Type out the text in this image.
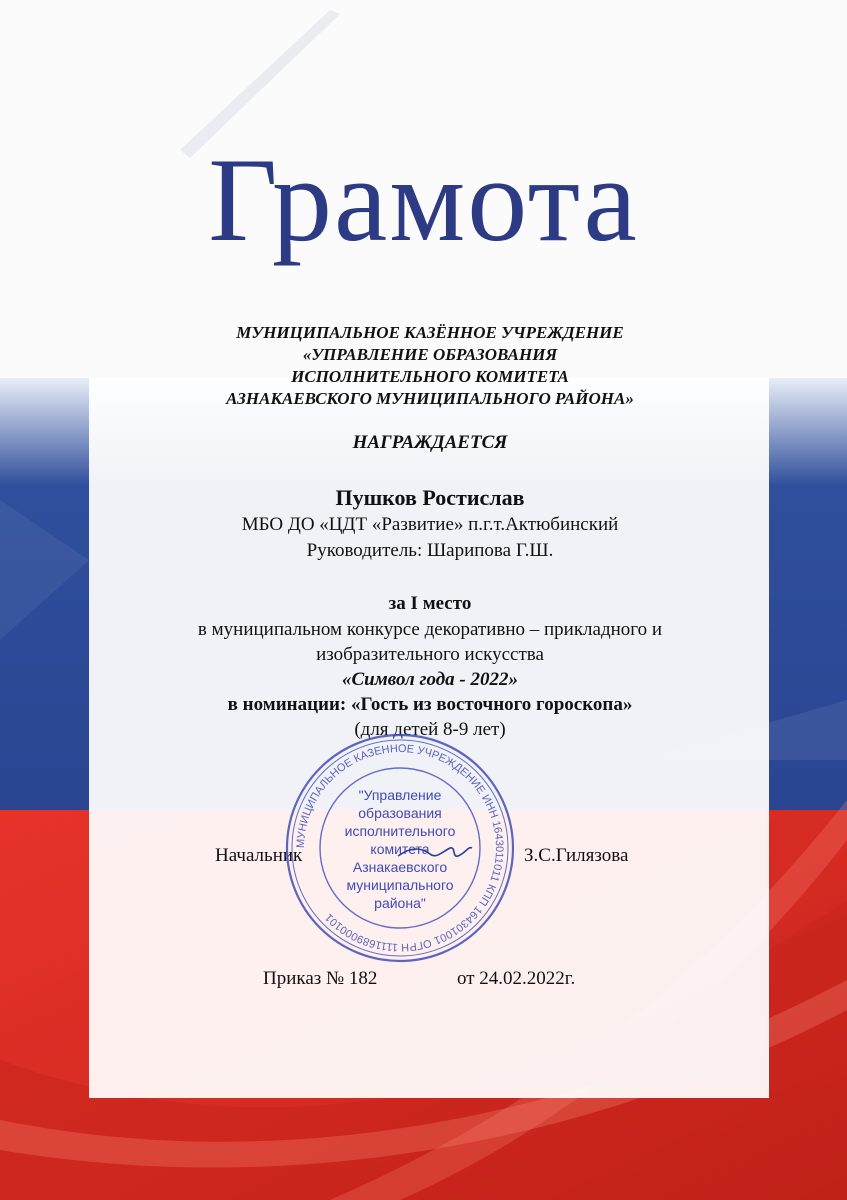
Грамота
МУНИЦИПАЛЬНОЕ КАЗЁННОЕ УЧРЕЖДЕНИЕ
«УПРАВЛЕНИЕ ОБРАЗОВАНИЯ
ИСПОЛНИТЕЛЬНОГО КОМИТЕТА
АЗНАКАЕВСКОГО МУНИЦИПАЛЬНОГО РАЙОНА»
НАГРАЖДАЕТСЯ
Пушков Ростислав
МБО ДО «ЦДТ «Развитие» п.г.т.Актюбинский
Руководитель: Шарипова Г.Ш.
за I место
в муниципальном конкурсе декоративно – прикладного и
изобразительного искусства
«Символ года - 2022»
в номинации: «Гость из восточного гороскопа»
(для детей 8-9 лет)
Начальник	З.С.Гилязова
МУНИЦИПАЛЬНОЕ КАЗЕННОЕ УЧРЕЖДЕНИЕ ИНН 1643011011 КПП 164301001 ОГРН 1111689000101
"Управление
образования
исполнительного
комитета
Азнакаевского
муниципального
района"
Приказ № 182	от 24.02.2022г.
